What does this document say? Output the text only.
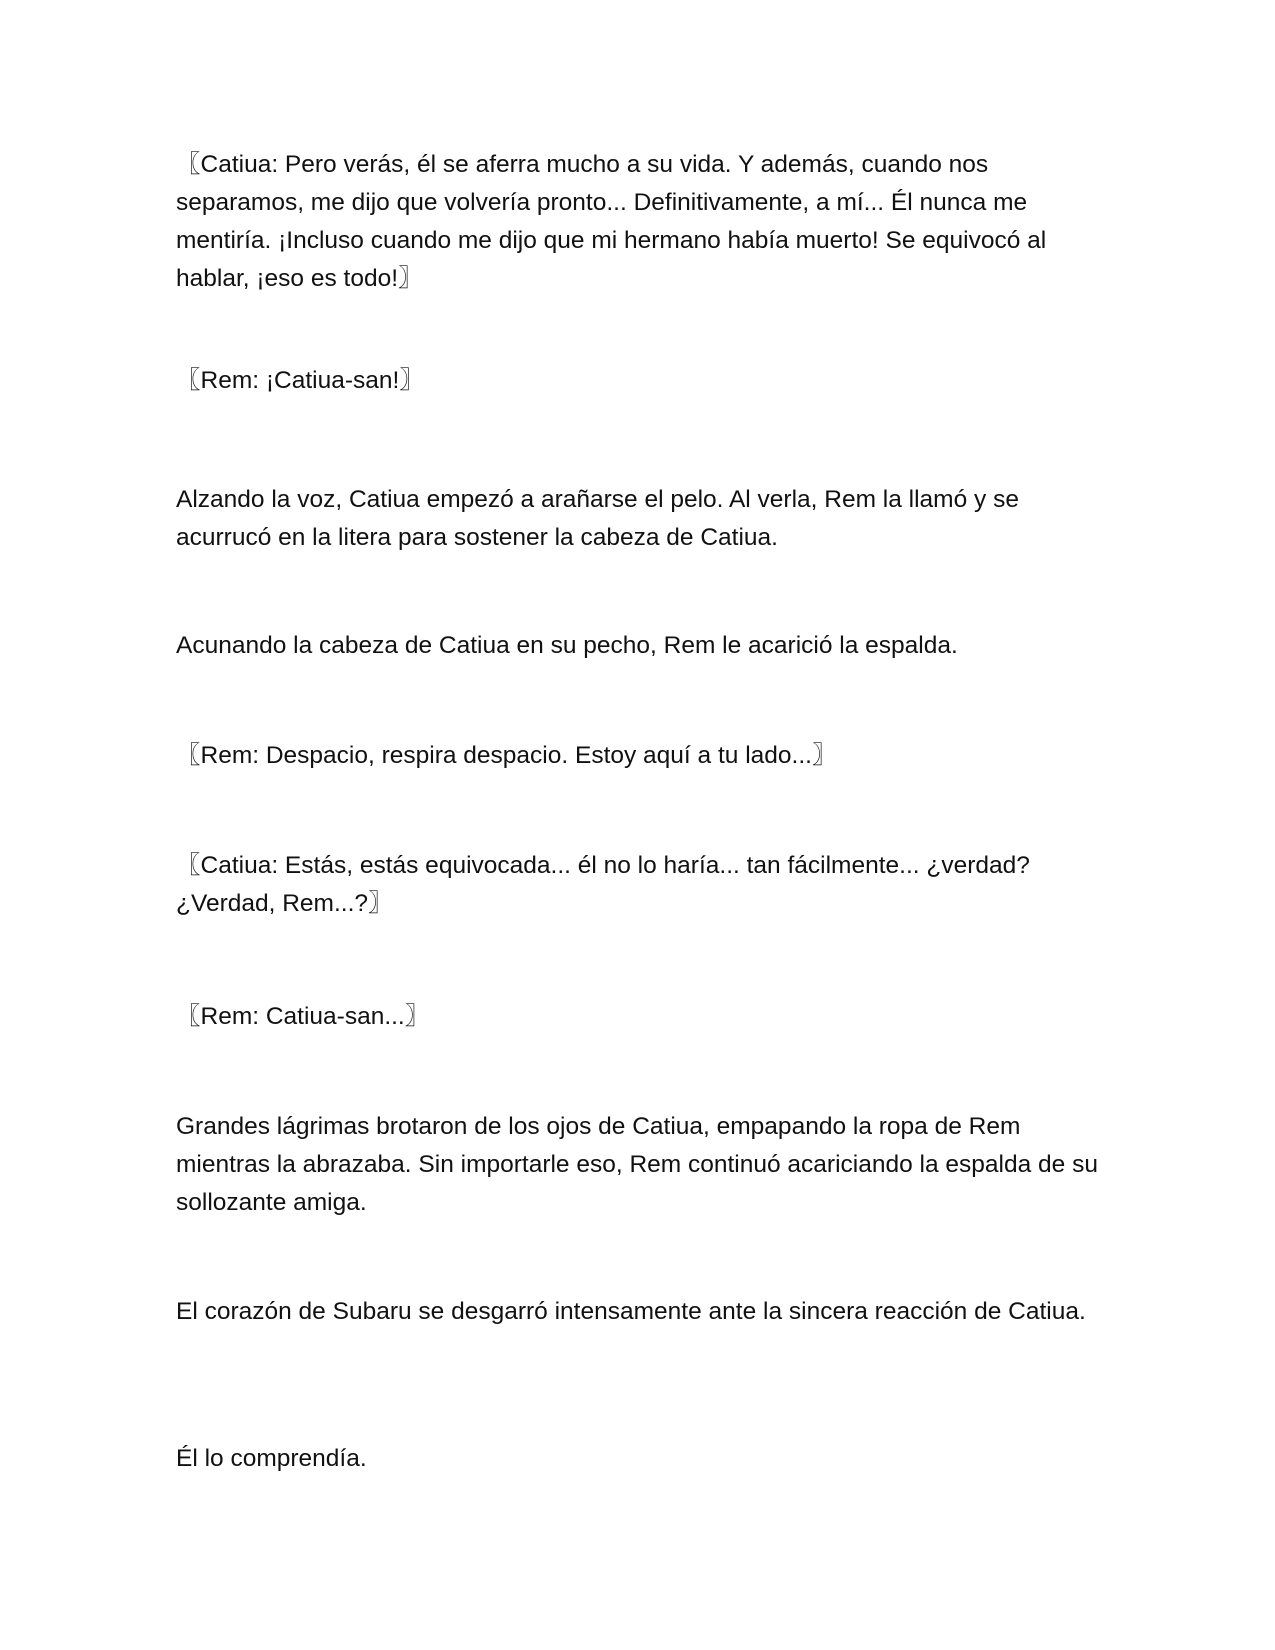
〖Catiua: Pero verás, él se aferra mucho a su vida. Y además, cuando nos separamos, me dijo que volvería pronto... Definitivamente, a mí... Él nunca me mentiría. ¡Incluso cuando me dijo que mi hermano había muerto! Se equivocó al hablar, ¡eso es todo!〗

〖Rem: ¡Catiua-san!〗

Alzando la voz, Catiua empezó a arañarse el pelo. Al verla, Rem la llamó y se acurrucó en la litera para sostener la cabeza de Catiua.

Acunando la cabeza de Catiua en su pecho, Rem le acarició la espalda.

〖Rem: Despacio, respira despacio. Estoy aquí a tu lado...〗

〖Catiua: Estás, estás equivocada... él no lo haría... tan fácilmente... ¿verdad? ¿Verdad, Rem...?〗

〖Rem: Catiua-san...〗

Grandes lágrimas brotaron de los ojos de Catiua, empapando la ropa de Rem mientras la abrazaba. Sin importarle eso, Rem continuó acariciando la espalda de su sollozante amiga.

El corazón de Subaru se desgarró intensamente ante la sincera reacción de Catiua.

Él lo comprendía.
